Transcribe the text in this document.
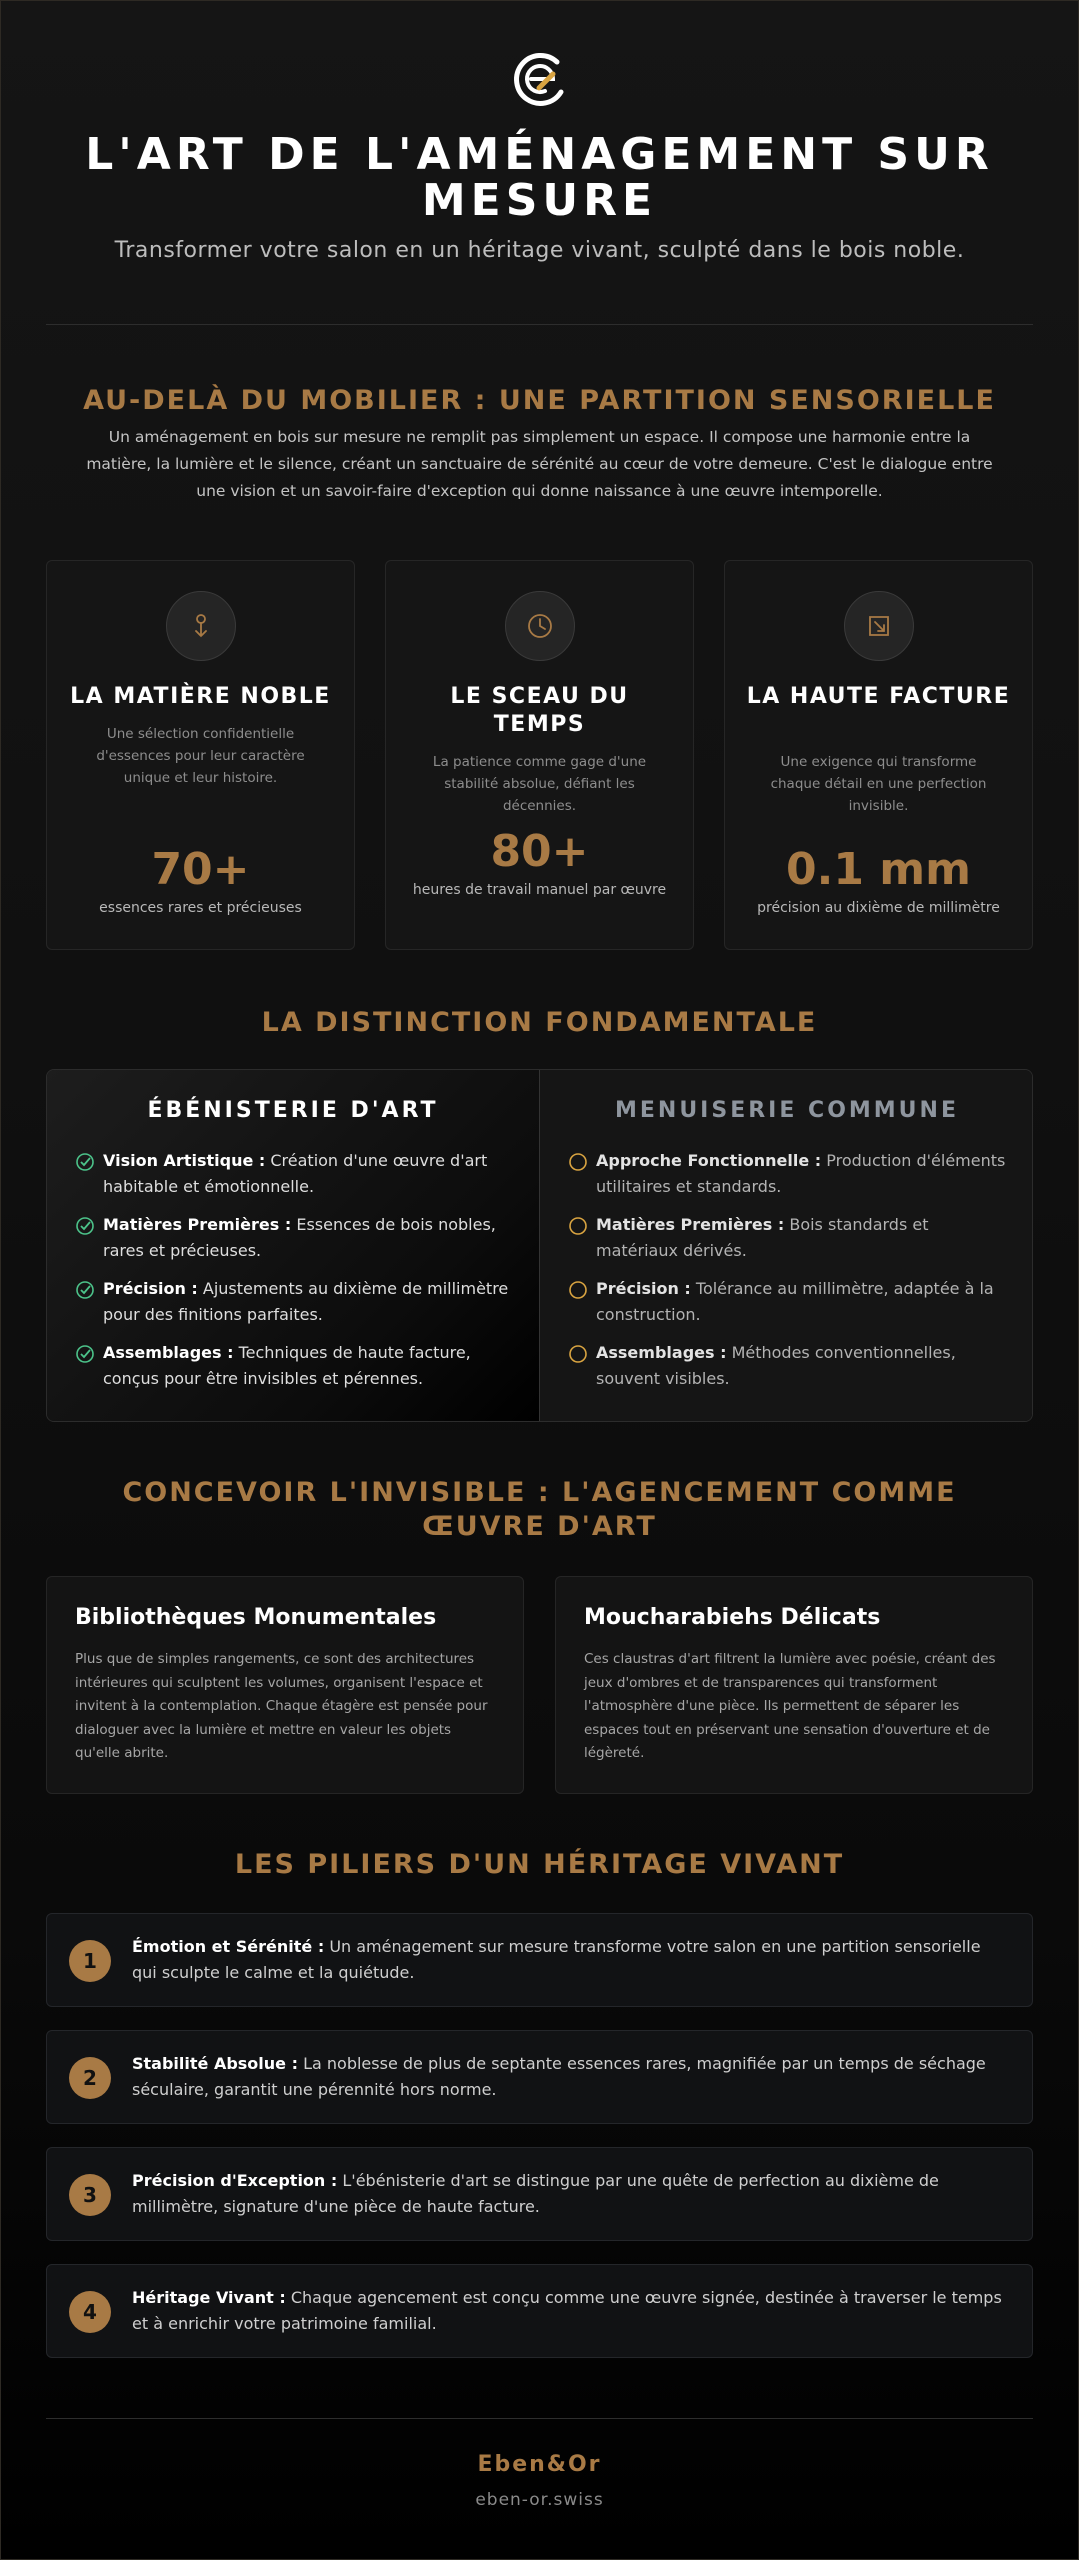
L'ART DE L'AMÉNAGEMENT SUR MESURE

Transformer votre salon en un héritage vivant, sculpté dans le bois noble.

AU-DELÀ DU MOBILIER : UNE PARTITION SENSORIELLE

Un aménagement en bois sur mesure ne remplit pas simplement un espace. Il compose une harmonie entre la matière, la lumière et le silence, créant un sanctuaire de sérénité au cœur de votre demeure. C'est le dialogue entre une vision et un savoir-faire d'exception qui donne naissance à une œuvre intemporelle.

LA MATIÈRE NOBLE
Une sélection confidentielle d'essences pour leur caractère unique et leur histoire.
70+
essences rares et précieuses
LE SCEAU DU TEMPS
La patience comme gage d'une stabilité absolue, défiant les décennies.
80+
heures de travail manuel par œuvre
LA HAUTE FACTURE
Une exigence qui transforme chaque détail en une perfection invisible.
0.1 mm
précision au dixième de millimètre
LA DISTINCTION FONDAMENTALE
ÉBÉNISTERIE D'ART
Vision Artistique : Création d'une œuvre d'art habitable et émotionnelle.
Matières Premières : Essences de bois nobles, rares et précieuses.
Précision : Ajustements au dixième de millimètre pour des finitions parfaites.
Assemblages : Techniques de haute facture, conçus pour être invisibles et pérennes.
MENUISERIE COMMUNE
Approche Fonctionnelle : Production d'éléments utilitaires et standards.
Matières Premières : Bois standards et matériaux dérivés.
Précision : Tolérance au millimètre, adaptée à la construction.
Assemblages : Méthodes conventionnelles, souvent visibles.
CONCEVOIR L'INVISIBLE : L'AGENCEMENT COMME ŒUVRE D'ART
Bibliothèques Monumentales
Plus que de simples rangements, ce sont des architectures intérieures qui sculptent les volumes, organisent l'espace et invitent à la contemplation. Chaque étagère est pensée pour dialoguer avec la lumière et mettre en valeur les objets qu'elle abrite.
Moucharabiehs Délicats
Ces claustras d'art filtrent la lumière avec poésie, créant des jeux d'ombres et de transparences qui transforment l'atmosphère d'une pièce. Ils permettent de séparer les espaces tout en préservant une sensation d'ouverture et de légèreté.
LES PILIERS D'UN HÉRITAGE VIVANT
1
Émotion et Sérénité : Un aménagement sur mesure transforme votre salon en une partition sensorielle qui sculpte le calme et la quiétude.
2
Stabilité Absolue : La noblesse de plus de septante essences rares, magnifiée par un temps de séchage séculaire, garantit une pérennité hors norme.
3
Précision d'Exception : L'ébénisterie d'art se distingue par une quête de perfection au dixième de millimètre, signature d'une pièce de haute facture.
4
Héritage Vivant : Chaque agencement est conçu comme une œuvre signée, destinée à traverser le temps et à enrichir votre patrimoine familial.
Eben&Or
eben-or.swiss
